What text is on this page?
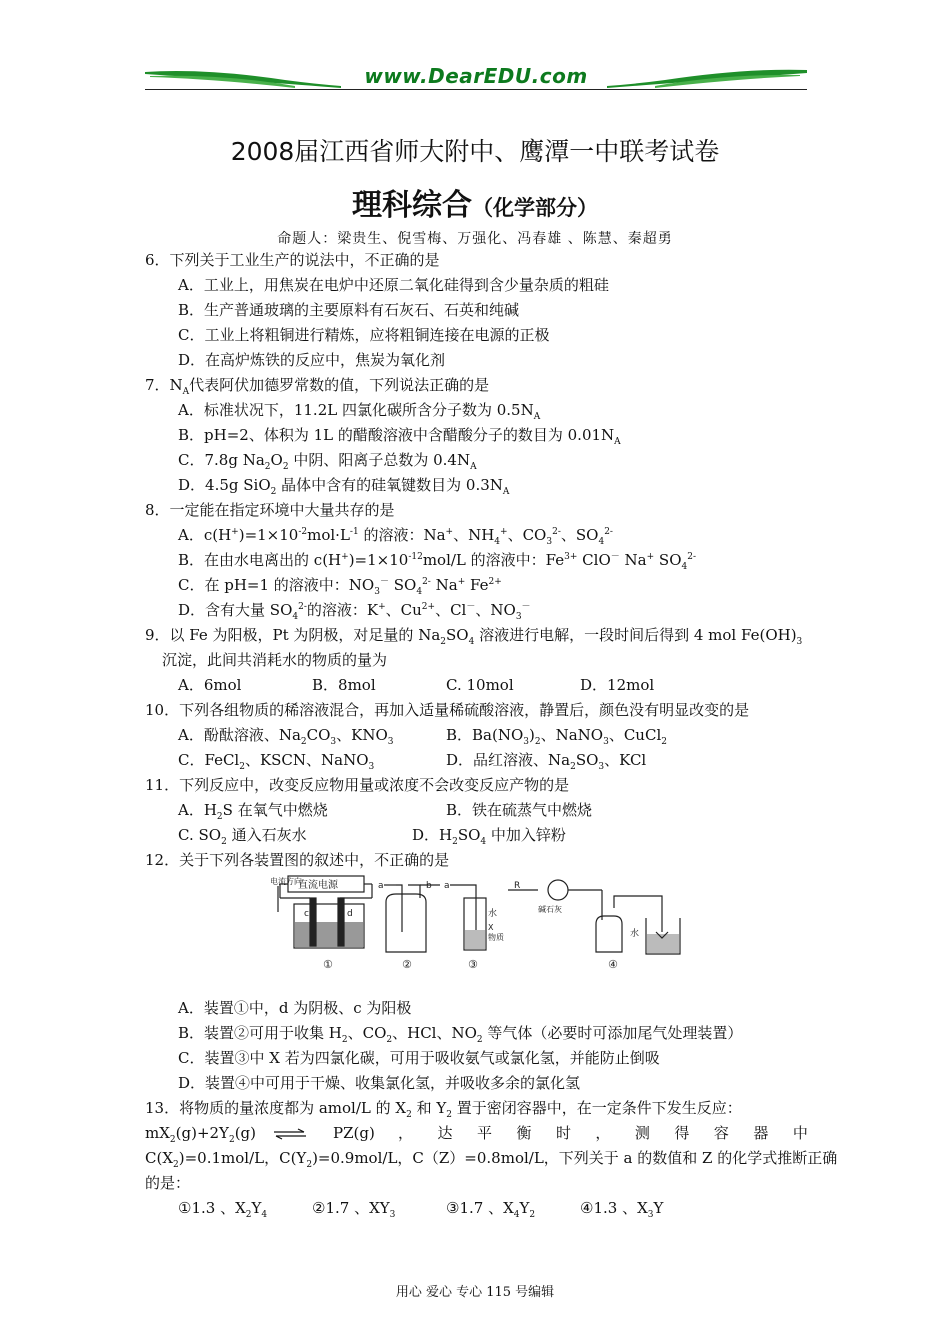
www.DearEDU.com
2008届江西省师大附中、鹰潭一中联考试卷
理科综合（化学部分）
命题人：梁贵生、倪雪梅、万强化、冯春雄 、陈慧、秦超勇
6．下列关于工业生产的说法中，不正确的是
A．工业上，用焦炭在电炉中还原二氧化硅得到含少量杂质的粗硅
B．生产普通玻璃的主要原料有石灰石、石英和纯碱
C．工业上将粗铜进行精炼，应将粗铜连接在电源的正极
D．在高炉炼铁的反应中，焦炭为氧化剂
7．$N_A$代表阿伏加德罗常数的值，下列说法正确的是
A．标准状况下，11.2L 四氯化碳所含分子数为 $0.5N_A$
B．pH=2、体积为 1L 的醋酸溶液中含醋酸分子的数目为 $0.01N_A$
C．7.8g $Na_2O_2$ 中阴、阳离子总数为 $0.4N_A$
D．4.5g SiO$_2$ 晶体中含有的硅氧键数目为 $0.3N_A$
8．一定能在指定环境中大量共存的是
A．$c(H^+)=1\times 10^{-2}mol\cdot L^{-1}$ 的溶液：Na+、$NH_4^+$、$CO_3^{2-}$、$SO_4^{2-}$
B．在由水电离出的 $c(H^+)=1\times 10^{-12}mol/L$ 的溶液中：$Fe^{3+}$ ClO－ Na+ $SO_4^{2-}$
C．在 pH=1 的溶液中：$NO_3^-$ $SO_4^{2-}$ Na+ $Fe^{2+}$
D．含有大量 $SO_4^{2-}$的溶液：K+、$Cu^{2+}$、Cl－、$NO_3^-$
9．以 Fe 为阳极，Pt 为阴极，对足量的 $Na_2SO_4$ 溶液进行电解，一段时间后得到 4 mol $Fe(OH)_3$
沉淀，此间共消耗水的物质的量为
A．6mol	B．8mol	C. 10mol	D．12mol
10．下列各组物质的稀溶液混合，再加入适量稀硫酸溶液，静置后，颜色没有明显改变的是
A．酚酞溶液、$Na_2CO_3$、$KNO_3$	B．$Ba(NO_3)_2$、NaNO$_3$、CuCl$_2$
C．FeCl$_2$、KSCN、NaNO$_3$	D．品红溶液、$Na_2SO_3$、KCl
11．下列反应中，改变反应物用量或浓度不会改变反应产物的是
A．$H_2S$ 在氧气中燃烧	B．铁在硫蒸气中燃烧
C. $SO_2$ 通入石灰水	D．$H_2SO_4$ 中加入锌粉
12．关于下列各装置图的叙述中，不正确的是
电流方向
直流电源
c	d
①
a	b
②
a
水
X
物质
③
R
碱石灰
水
④
A．装置①中，d 为阴极、c 为阳极
B．装置②可用于收集 $H_2$、$CO_2$、HCl、$NO_2$ 等气体（必要时可添加尾气处理装置）
C．装置③中 X 若为四氯化碳，可用于吸收氨气或氯化氢，并能防止倒吸
D．装置④中可用于干燥、收集氯化氢，并吸收多余的氯化氢
13．将物质的量浓度都为 amol/L 的 $X_2$ 和 $Y_2$ 置于密闭容器中，在一定条件下发生反应：
$mX_2(g)+2Y_2(g)$ ⇌ PZ(g) ， 达 平 衡 时 ， 测 得 容 器 中
$C(X_2)=0.1mol/L$，$C(Y_2)=0.9mol/L$，C（Z）=0.8mol/L，下列关于 a 的数值和 Z 的化学式推断正确
的是：
①1.3 、$X_2Y_4$	②1.7 、$XY_3$	③1.7 、$X_4Y_2$	④1.3 、$X_3Y$
用心 爱心 专心 115 号编辑
